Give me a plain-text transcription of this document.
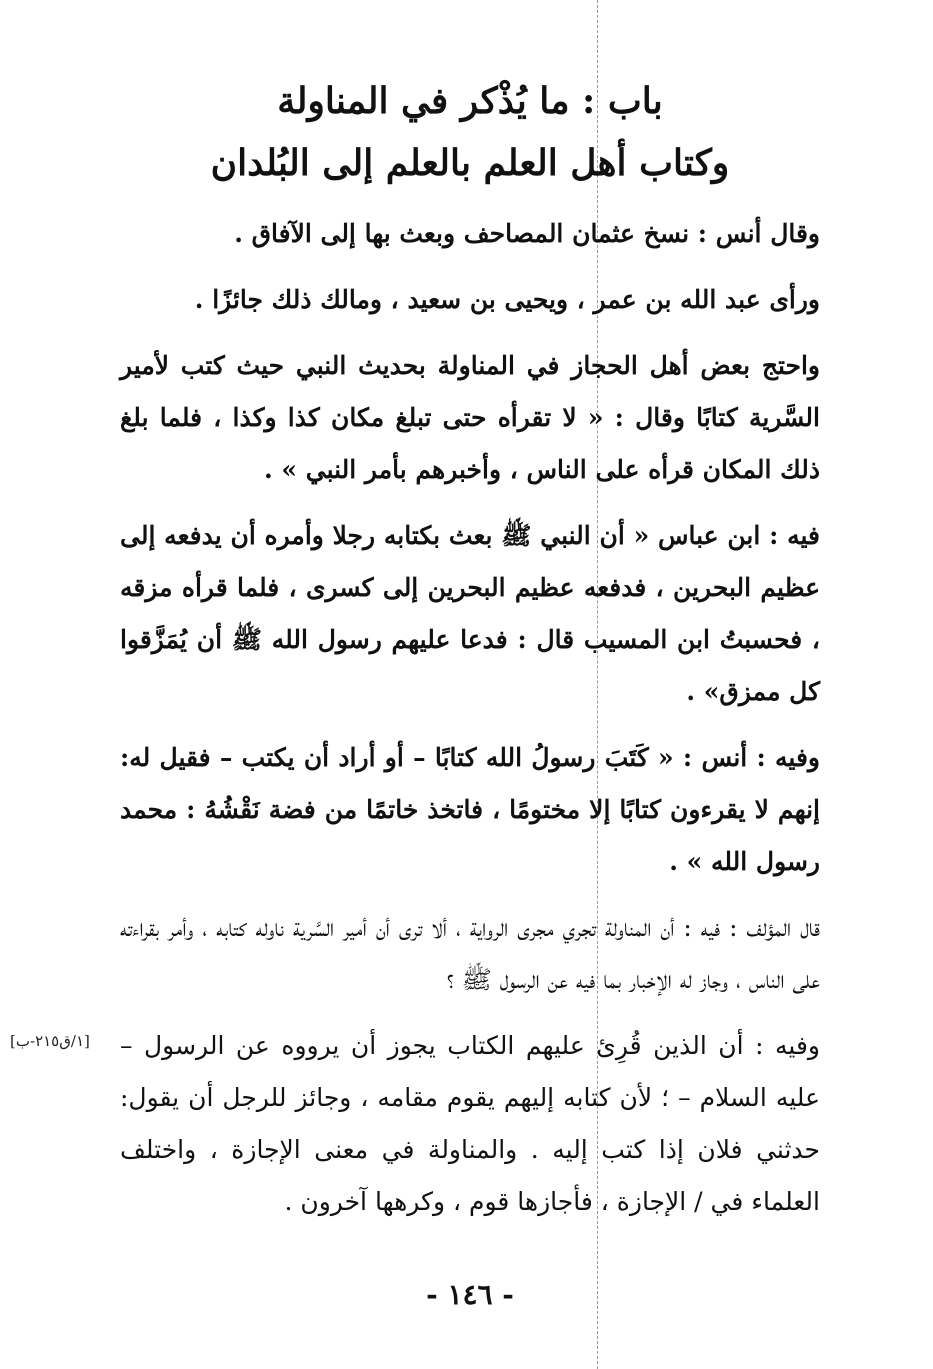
باب : ما يُذْكر في المناولة
وكتاب أهل العلم بالعلم إلى البُلدان

وقال أنس : نسخ عثمان المصاحف وبعث بها إلى الآفاق .

ورأى عبد الله بن عمر ، ويحيى بن سعيد ، ومالك ذلك جائزًا .

واحتج بعض أهل الحجاز في المناولة بحديث النبي حيث كتب لأمير السَّرية كتابًا وقال : « لا تقرأه حتى تبلغ مكان كذا وكذا ، فلما بلغ ذلك المكان قرأه على الناس ، وأخبرهم بأمر النبي » .

فيه : ابن عباس « أن النبي ﷺ بعث بكتابه رجلا وأمره أن يدفعه إلى عظيم البحرين ، فدفعه عظيم البحرين إلى كسرى ، فلما قرأه مزقه ، فحسبتُ ابن المسيب قال : فدعا عليهم رسول الله ﷺ أن يُمَزَّقوا كل ممزق» .

وفيه : أنس : « كَتَبَ رسولُ الله كتابًا – أو أراد أن يكتب – فقيل له: إنهم لا يقرءون كتابًا إلا مختومًا ، فاتخذ خاتمًا من فضة نَقْشُهُ : محمد رسول الله » .

قال المؤلف : فيه : أن المناولة تجري مجرى الرواية ، ألا ترى أن أمير السَّرية ناوله كتابه ، وأمر بقراءته على الناس ، وجاز له الإخبار بما فيه عن الرسول ﷺ ؟

[١/ق٢١٥-ب] وفيه : أن الذين قُرِئ عليهم الكتاب يجوز أن يرووه عن الرسول – عليه السلام – ؛ لأن كتابه إليهم يقوم مقامه ، وجائز للرجل أن يقول: حدثني فلان إذا كتب إليه . والمناولة في معنى الإجازة ، واختلف العلماء في / الإجازة ، فأجازها قوم ، وكرهها آخرون .

- ١٤٦ -
